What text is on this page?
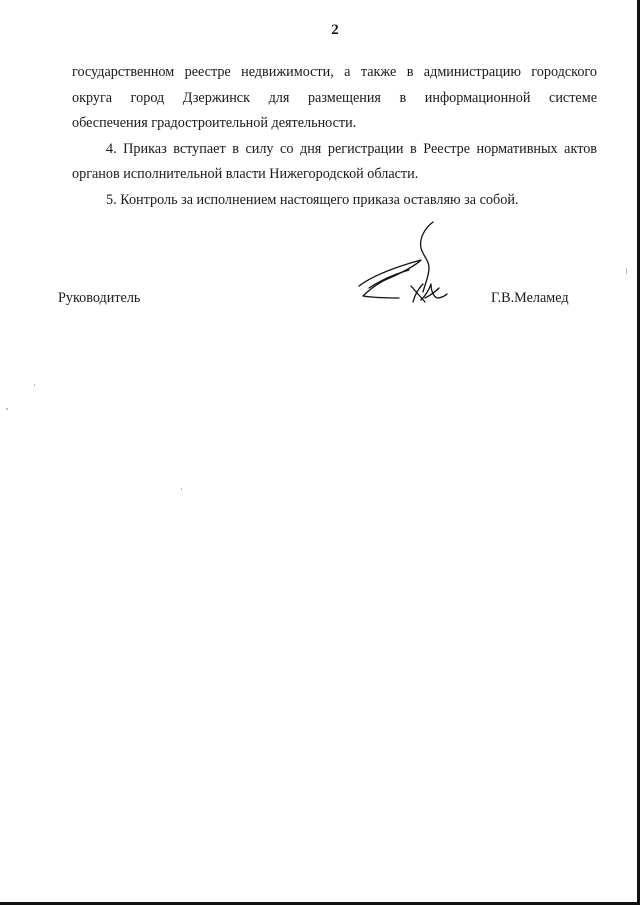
2
государственном реестре недвижимости, а также в администрацию городского
округа город Дзержинск для размещения в информационной системе
обеспечения градостроительной деятельности.
4. Приказ вступает в силу со дня регистрации в Реестре нормативных актов
органов исполнительной власти Нижегородской области.
5. Контроль за исполнением настоящего приказа оставляю за собой.
Руководитель	Г.В.Меламед
